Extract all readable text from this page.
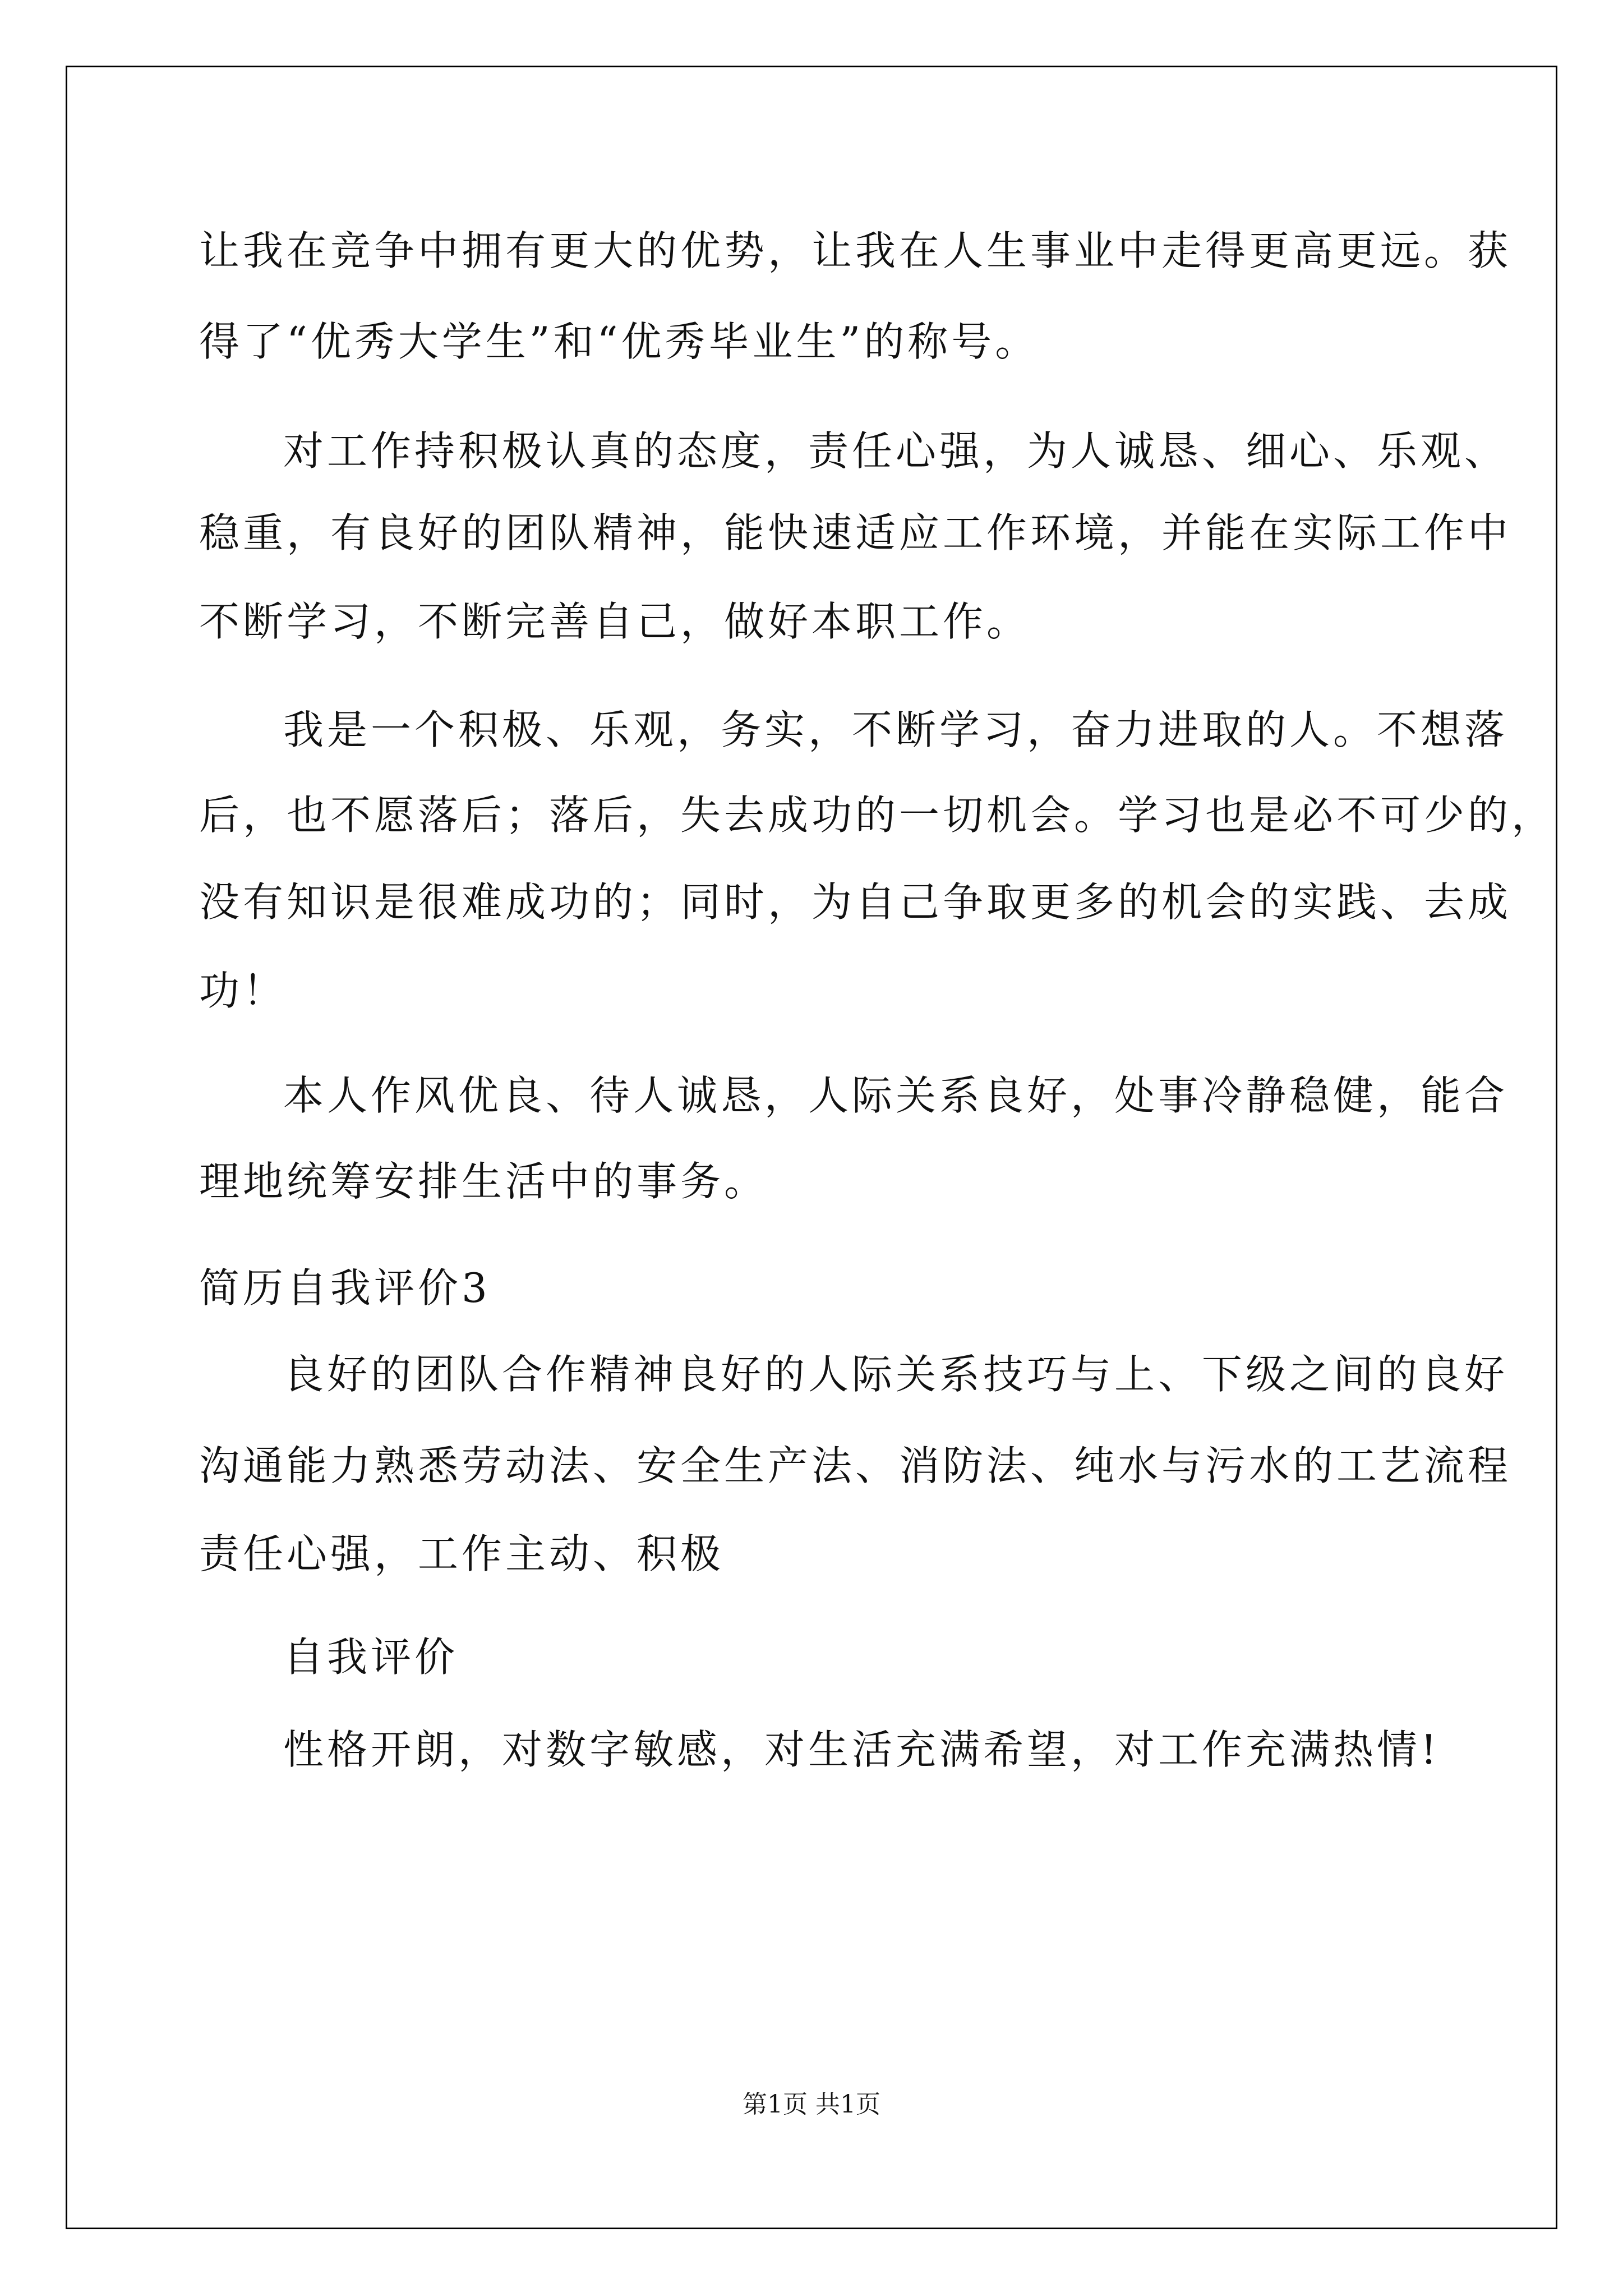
让我在竞争中拥有更大的优势，让我在人生事业中走得更高更远。获
得了“优秀大学生”和“优秀毕业生”的称号。
对工作持积极认真的态度，责任心强，为人诚恳、细心、乐观、
稳重，有良好的团队精神，能快速适应工作环境，并能在实际工作中
不断学习，不断完善自己，做好本职工作。
我是一个积极、乐观，务实，不断学习，奋力进取的人。不想落
后，也不愿落后；落后，失去成功的一切机会。学习也是必不可少的，
没有知识是很难成功的；同时，为自己争取更多的机会的实践、去成
功！
本人作风优良、待人诚恳，人际关系良好，处事冷静稳健，能合
理地统筹安排生活中的事务。
简历自我评价3
良好的团队合作精神良好的人际关系技巧与上、下级之间的良好
沟通能力熟悉劳动法、安全生产法、消防法、纯水与污水的工艺流程
责任心强，工作主动、积极
自我评价
性格开朗，对数字敏感，对生活充满希望，对工作充满热情!
第1页 共1页
